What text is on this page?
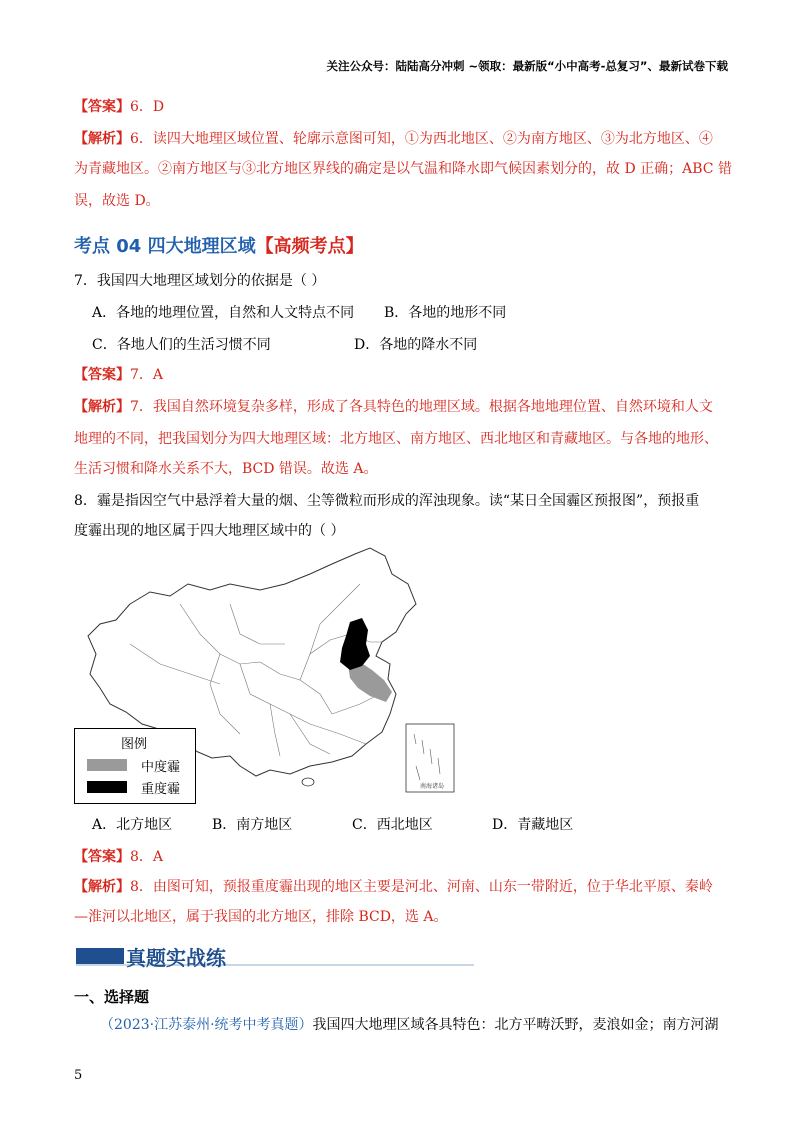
关注公众号：陆陆高分冲刺 ~领取：最新版“小中高考-总复习”、最新试卷下载
【答案】6．D
【解析】6．读四大地理区域位置、轮廓示意图可知，①为西北地区、②为南方地区、③为北方地区、④
为青藏地区。②南方地区与③北方地区界线的确定是以气温和降水即气候因素划分的，故 D 正确；ABC 错
误，故选 D。
考点 04 四大地理区域【高频考点】
7．我国四大地理区域划分的依据是（ ）
A．各地的地理位置，自然和人文特点不同 B．各地的地形不同
C．各地人们的生活习惯不同	D．各地的降水不同
【答案】7．A
【解析】7．我国自然环境复杂多样，形成了各具特色的地理区域。根据各地地理位置、自然环境和人文
地理的不同，把我国划分为四大地理区域：北方地区、南方地区、西北地区和青藏地区。与各地的地形、
生活习惯和降水关系不大，BCD 错误。故选 A。
8．霾是指因空气中悬浮着大量的烟、尘等微粒而形成的浑浊现象。读“某日全国霾区预报图”，预报重
度霾出现的地区属于四大地理区域中的（ ）
南海诸岛
图例
中度霾
重度霾
A．北方地区	B．南方地区	C．西北地区	D．青藏地区
【答案】8．A
【解析】8．由图可知，预报重度霾出现的地区主要是河北、河南、山东一带附近，位于华北平原、秦岭
—淮河以北地区，属于我国的北方地区，排除 BCD，选 A。
真题实战练
一、选择题
（2023·江苏泰州·统考中考真题）我国四大地理区域各具特色：北方平畴沃野，麦浪如金；南方河湖
5
